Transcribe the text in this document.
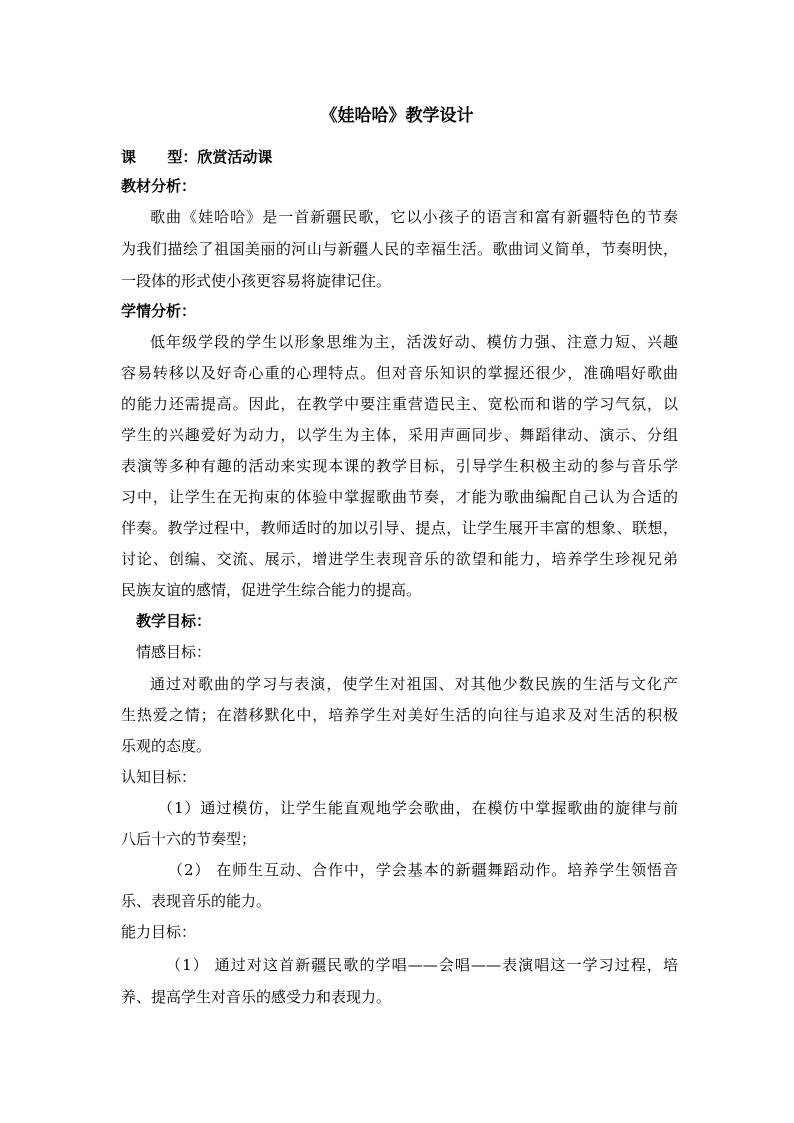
《娃哈哈》教学设计
课      型：欣赏活动课
教材分析：
歌曲《娃哈哈》是一首新疆民歌，它以小孩子的语言和富有新疆特色的节奏
为我们描绘了祖国美丽的河山与新疆人民的幸福生活。歌曲词义简单，节奏明快，
一段体的形式使小孩更容易将旋律记住。
学情分析：
低年级学段的学生以形象思维为主，活泼好动、模仿力强、注意力短、兴趣
容易转移以及好奇心重的心理特点。但对音乐知识的掌握还很少，准确唱好歌曲
的能力还需提高。因此，在教学中要注重营造民主、宽松而和谐的学习气氛，以
学生的兴趣爱好为动力，以学生为主体，采用声画同步、舞蹈律动、演示、分组
表演等多种有趣的活动来实现本课的教学目标，引导学生积极主动的参与音乐学
习中，让学生在无拘束的体验中掌握歌曲节奏，才能为歌曲编配自己认为合适的
伴奏。教学过程中，教师适时的加以引导、提点，让学生展开丰富的想象、联想，
讨论、创编、交流、展示，增进学生表现音乐的欲望和能力，培养学生珍视兄弟
民族友谊的感情，促进学生综合能力的提高。
教学目标：
情感目标：
通过对歌曲的学习与表演，使学生对祖国、对其他少数民族的生活与文化产
生热爱之情；在潜移默化中，培养学生对美好生活的向往与追求及对生活的积极
乐观的态度。
认知目标：
（1）通过模仿，让学生能直观地学会歌曲，在模仿中掌握歌曲的旋律与前
八后十六的节奏型；
（2） 在师生互动、合作中，学会基本的新疆舞蹈动作。培养学生领悟音
乐、表现音乐的能力。
能力目标：
（1） 通过对这首新疆民歌的学唱——会唱——表演唱这一学习过程，培
养、提高学生对音乐的感受力和表现力。
